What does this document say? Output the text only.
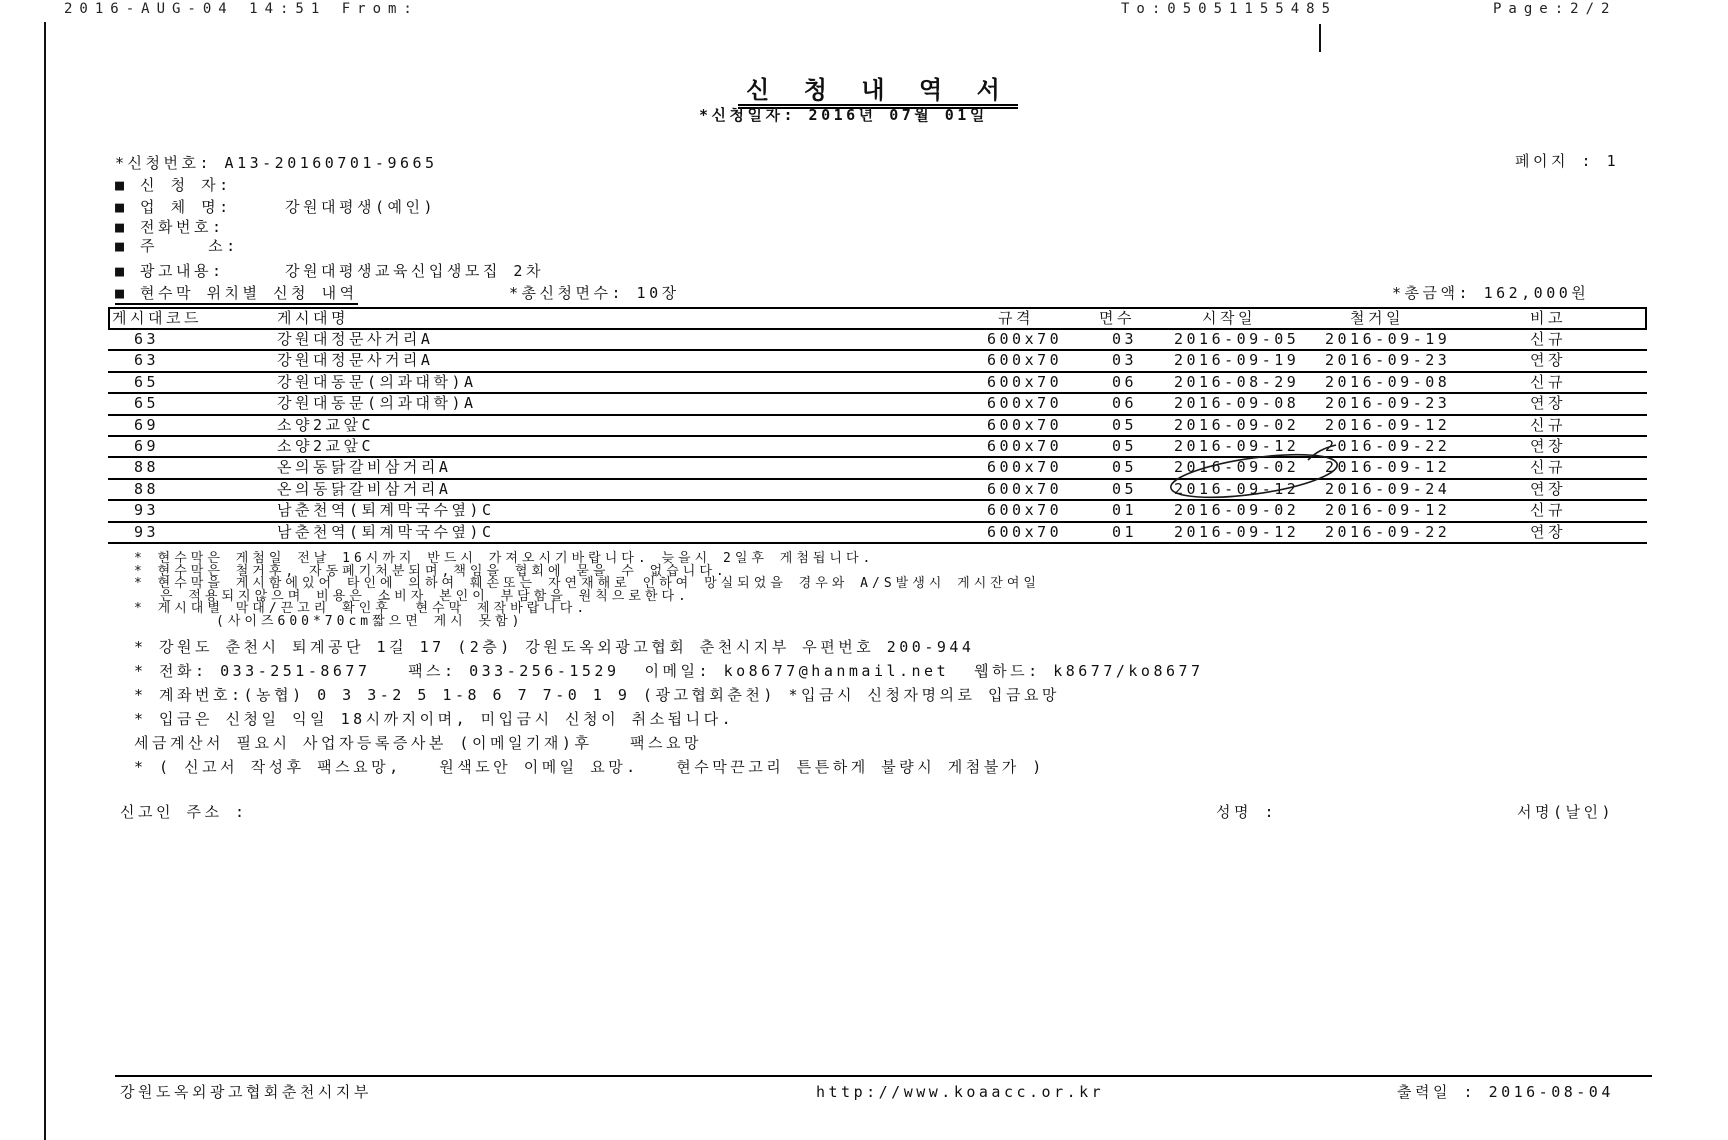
2016-AUG-04 14:51 From:	To:05051155485	Page:2/2
신 청 내 역 서
*신청일자: 2016년 07월 01일
*신청번호: A13-20160701-9665	페이지 : 1
■ 신 청 자:
■ 업 체 명:	강원대평생(예인)
■ 전화번호:
■ 주    소:
■ 광고내용:	강원대평생교육신입생모집 2차
■ 현수막 위치별 신청 내역	*총신청면수: 10장	*총금액: 162,000원
게시대코드	게시대명	규격	면수	시작일	철거일	비고
63	강원대정문사거리A	600x70	03 2016-09-05 2016-09-19	신규
63	강원대정문사거리A	600x70	03 2016-09-19 2016-09-23	연장
65	강원대동문(의과대학)A	600x70	06 2016-08-29 2016-09-08	신규
65	강원대동문(의과대학)A	600x70	06 2016-09-08 2016-09-23	연장
69	소양2교앞C	600x70	05 2016-09-02 2016-09-12	신규
69	소양2교앞C	600x70	05 2016-09-12 2016-09-22	연장
88	온의동닭갈비삼거리A	600x70	05 2016-09-02 2016-09-12	신규
88	온의동닭갈비삼거리A	600x70	05 2016-09-12 2016-09-24	연장
93	남춘천역(퇴계막국수옆)C	600x70	01 2016-09-02 2016-09-12	신규
93	남춘천역(퇴계막국수옆)C	600x70	01 2016-09-12 2016-09-22	연장
* 현수막은 게첨일 전날 16시까지 반드시 가져오시기바랍니다. 늦을시 2일후 게첨됩니다.
* 현수막은 철거후, 자동폐기처분되며,책임을 협회에 묻을 수 없습니다.
* 현수막을 게시함에있어 타인에 의하여 훼손또는 자연재해로 인하여 망실되었을 경우와 A/S발생시 게시잔여일
은 적용되지않으며 비용은 소비자 본인이 부담함을 원칙으로한다.
* 게시대별 막대/끈고리 확인후  현수막 제작바랍니다.
(사이즈600*70cm짧으면 게시 못함)
* 강원도 춘천시 퇴계공단 1길 17 (2층) 강원도옥외광고협회 춘천시지부 우편번호 200-944
* 전화: 033-251-8677   팩스: 033-256-1529  이메일: ko8677@hanmail.net  웹하드: k8677/ko8677
* 계좌번호:(농협) 0 3 3-2 5 1-8 6 7 7-0 1 9 (광고협회춘천) *입금시 신청자명의로 입금요망
* 입금은 신청일 익일 18시까지이며, 미입금시 신청이 취소됩니다.
세금계산서 필요시 사업자등록증사본 (이메일기재)후   팩스요망
* ( 신고서 작성후 팩스요망,   원색도안 이메일 요망.   현수막끈고리 튼튼하게 불량시 게첨불가 )
신고인 주소 :	성명 :	서명(날인)
강원도옥외광고협회춘천시지부	http://www.koaacc.or.kr	출력일 : 2016-08-04
